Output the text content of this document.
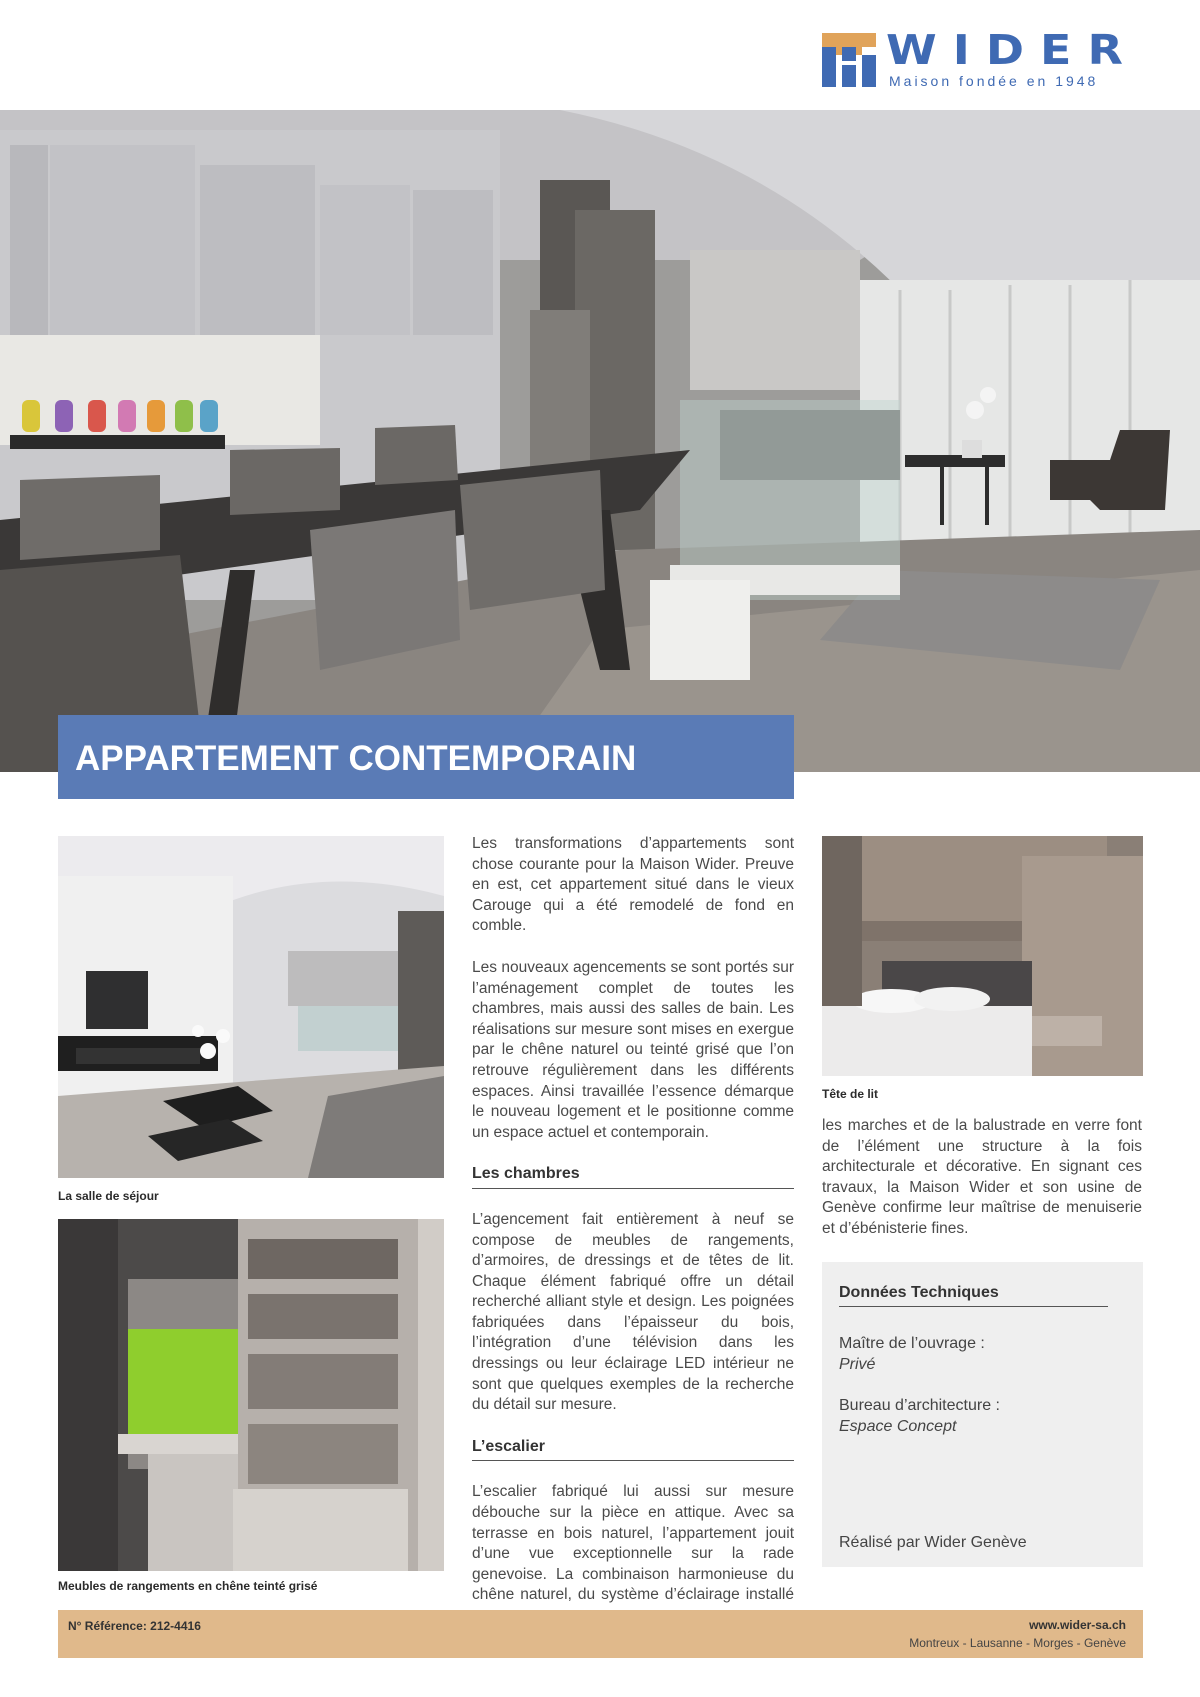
WIDER
Maison fondée en 1948
APPARTEMENT CONTEMPORAIN
La salle de séjour
Meubles de rangements en chêne teinté grisé

Les transformations d’appartements sont chose courante pour la Maison Wider. Preuve en est, cet appartement situé dans le vieux Carouge qui a été remodelé de fond en comble.

Les nouveaux agencements se sont portés sur l’aménagement complet de toutes les chambres, mais aussi des salles de bain. Les réalisations sur mesure sont mises en exergue par le chêne naturel ou teinté grisé que l’on retrouve régulièrement dans les différents espaces. Ainsi travaillée l’essence démarque le nouveau logement et le positionne comme un espace actuel et contemporain.

Les chambres

L’agencement fait entièrement à neuf se compose de meubles de rangements, d’armoires, de dressings et de têtes de lit. Chaque élément fabriqué offre un détail recherché alliant style et design. Les poignées fabriquées dans l’épaisseur du bois, l’intégration d’une télévision dans les dressings ou leur éclairage LED intérieur ne sont que quelques exemples de la recherche du détail sur mesure.

L’escalier

L’escalier fabriqué lui aussi sur mesure débouche sur la pièce en attique. Avec sa terrasse en bois naturel, l’appartement jouit d’une vue exceptionnelle sur la rade genevoise. La combinaison harmonieuse du chêne naturel, du système d’éclairage installé

Tête de lit

les marches et de la balustrade en verre font de l’élément une structure à la fois architecturale et décorative. En signant ces travaux, la Maison Wider et son usine de Genève confirme leur maîtrise de menuiserie et d’ébénisterie fines.

Données Techniques
Maître de l’ouvrage :
Privé
Bureau d’architecture :
Espace Concept
Réalisé par Wider Genève
N° Référence: 212-4416	www.wider-sa.ch
Montreux - Lausanne - Morges - Genève
